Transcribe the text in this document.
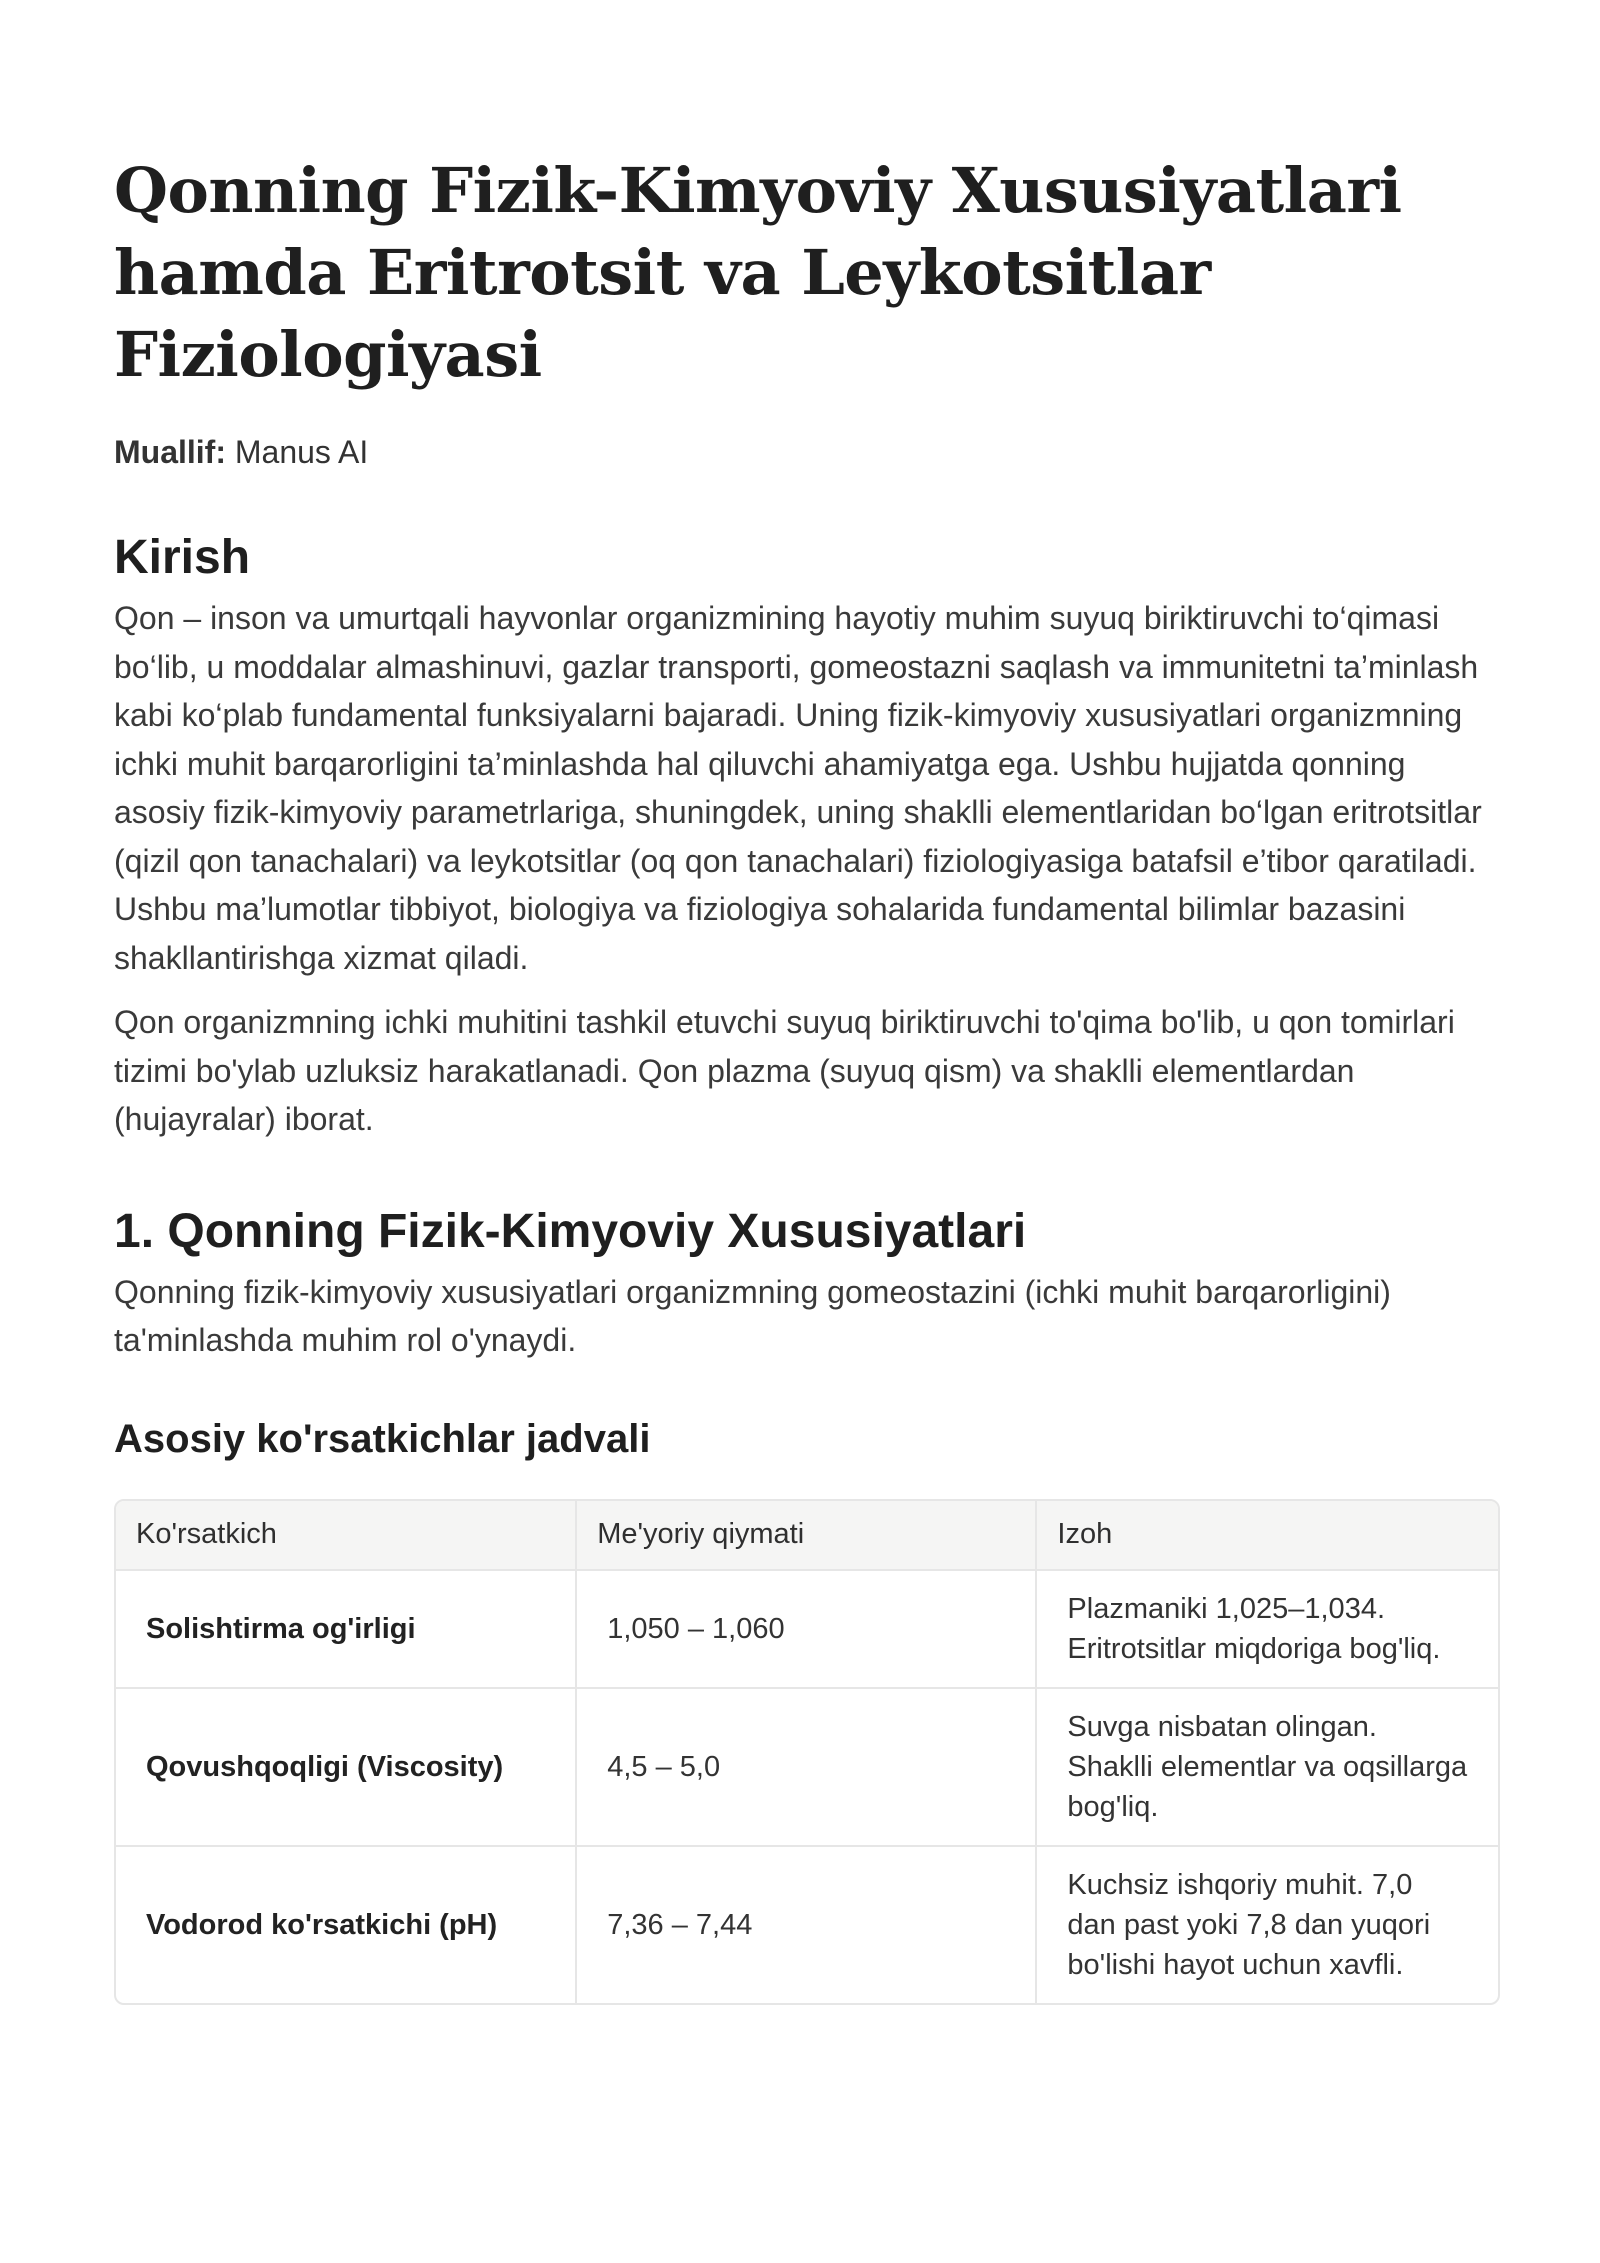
Qonning Fizik-Kimyoviy Xususiyatlari hamda Eritrotsit va Leykotsitlar Fiziologiyasi
Muallif: Manus AI
Kirish

Qon – inson va umurtqali hayvonlar organizmining hayotiy muhim suyuq biriktiruvchi to‘qimasi bo‘lib, u moddalar almashinuvi, gazlar transporti, gomeostazni saqlash va immunitetni ta’minlash kabi ko‘plab fundamental funksiyalarni bajaradi. Uning fizik-kimyoviy xususiyatlari organizmning ichki muhit barqarorligini ta’minlashda hal qiluvchi ahamiyatga ega. Ushbu hujjatda qonning asosiy fizik-kimyoviy parametrlariga, shuningdek, uning shaklli elementlaridan bo‘lgan eritrotsitlar (qizil qon tanachalari) va leykotsitlar (oq qon tanachalari) fiziologiyasiga batafsil e’tibor qaratiladi. Ushbu ma’lumotlar tibbiyot, biologiya va fiziologiya sohalarida fundamental bilimlar bazasini shakllantirishga xizmat qiladi.

Qon organizmning ichki muhitini tashkil etuvchi suyuq biriktiruvchi to'qima bo'lib, u qon tomirlari tizimi bo'ylab uzluksiz harakatlanadi. Qon plazma (suyuq qism) va shaklli elementlardan (hujayralar) iborat.

1. Qonning Fizik-Kimyoviy Xususiyatlari

Qonning fizik-kimyoviy xususiyatlari organizmning gomeostazini (ichki muhit barqarorligini) ta'minlashda muhim rol o'ynaydi.

Asosiy ko'rsatkichlar jadvali
Ko'rsatkich	Me'yoriy qiymati	Izoh
Solishtirma og'irligi	1,050 – 1,060	Plazmaniki 1,025–1,034. Eritrotsitlar miqdoriga bog'liq.
Qovushqoqligi (Viscosity)	4,5 – 5,0	Suvga nisbatan olingan. Shaklli elementlar va oqsillarga bog'liq.
Vodorod ko'rsatkichi (pH)	7,36 – 7,44	Kuchsiz ishqoriy muhit. 7,0 dan past yoki 7,8 dan yuqori bo'lishi hayot uchun xavfli.
